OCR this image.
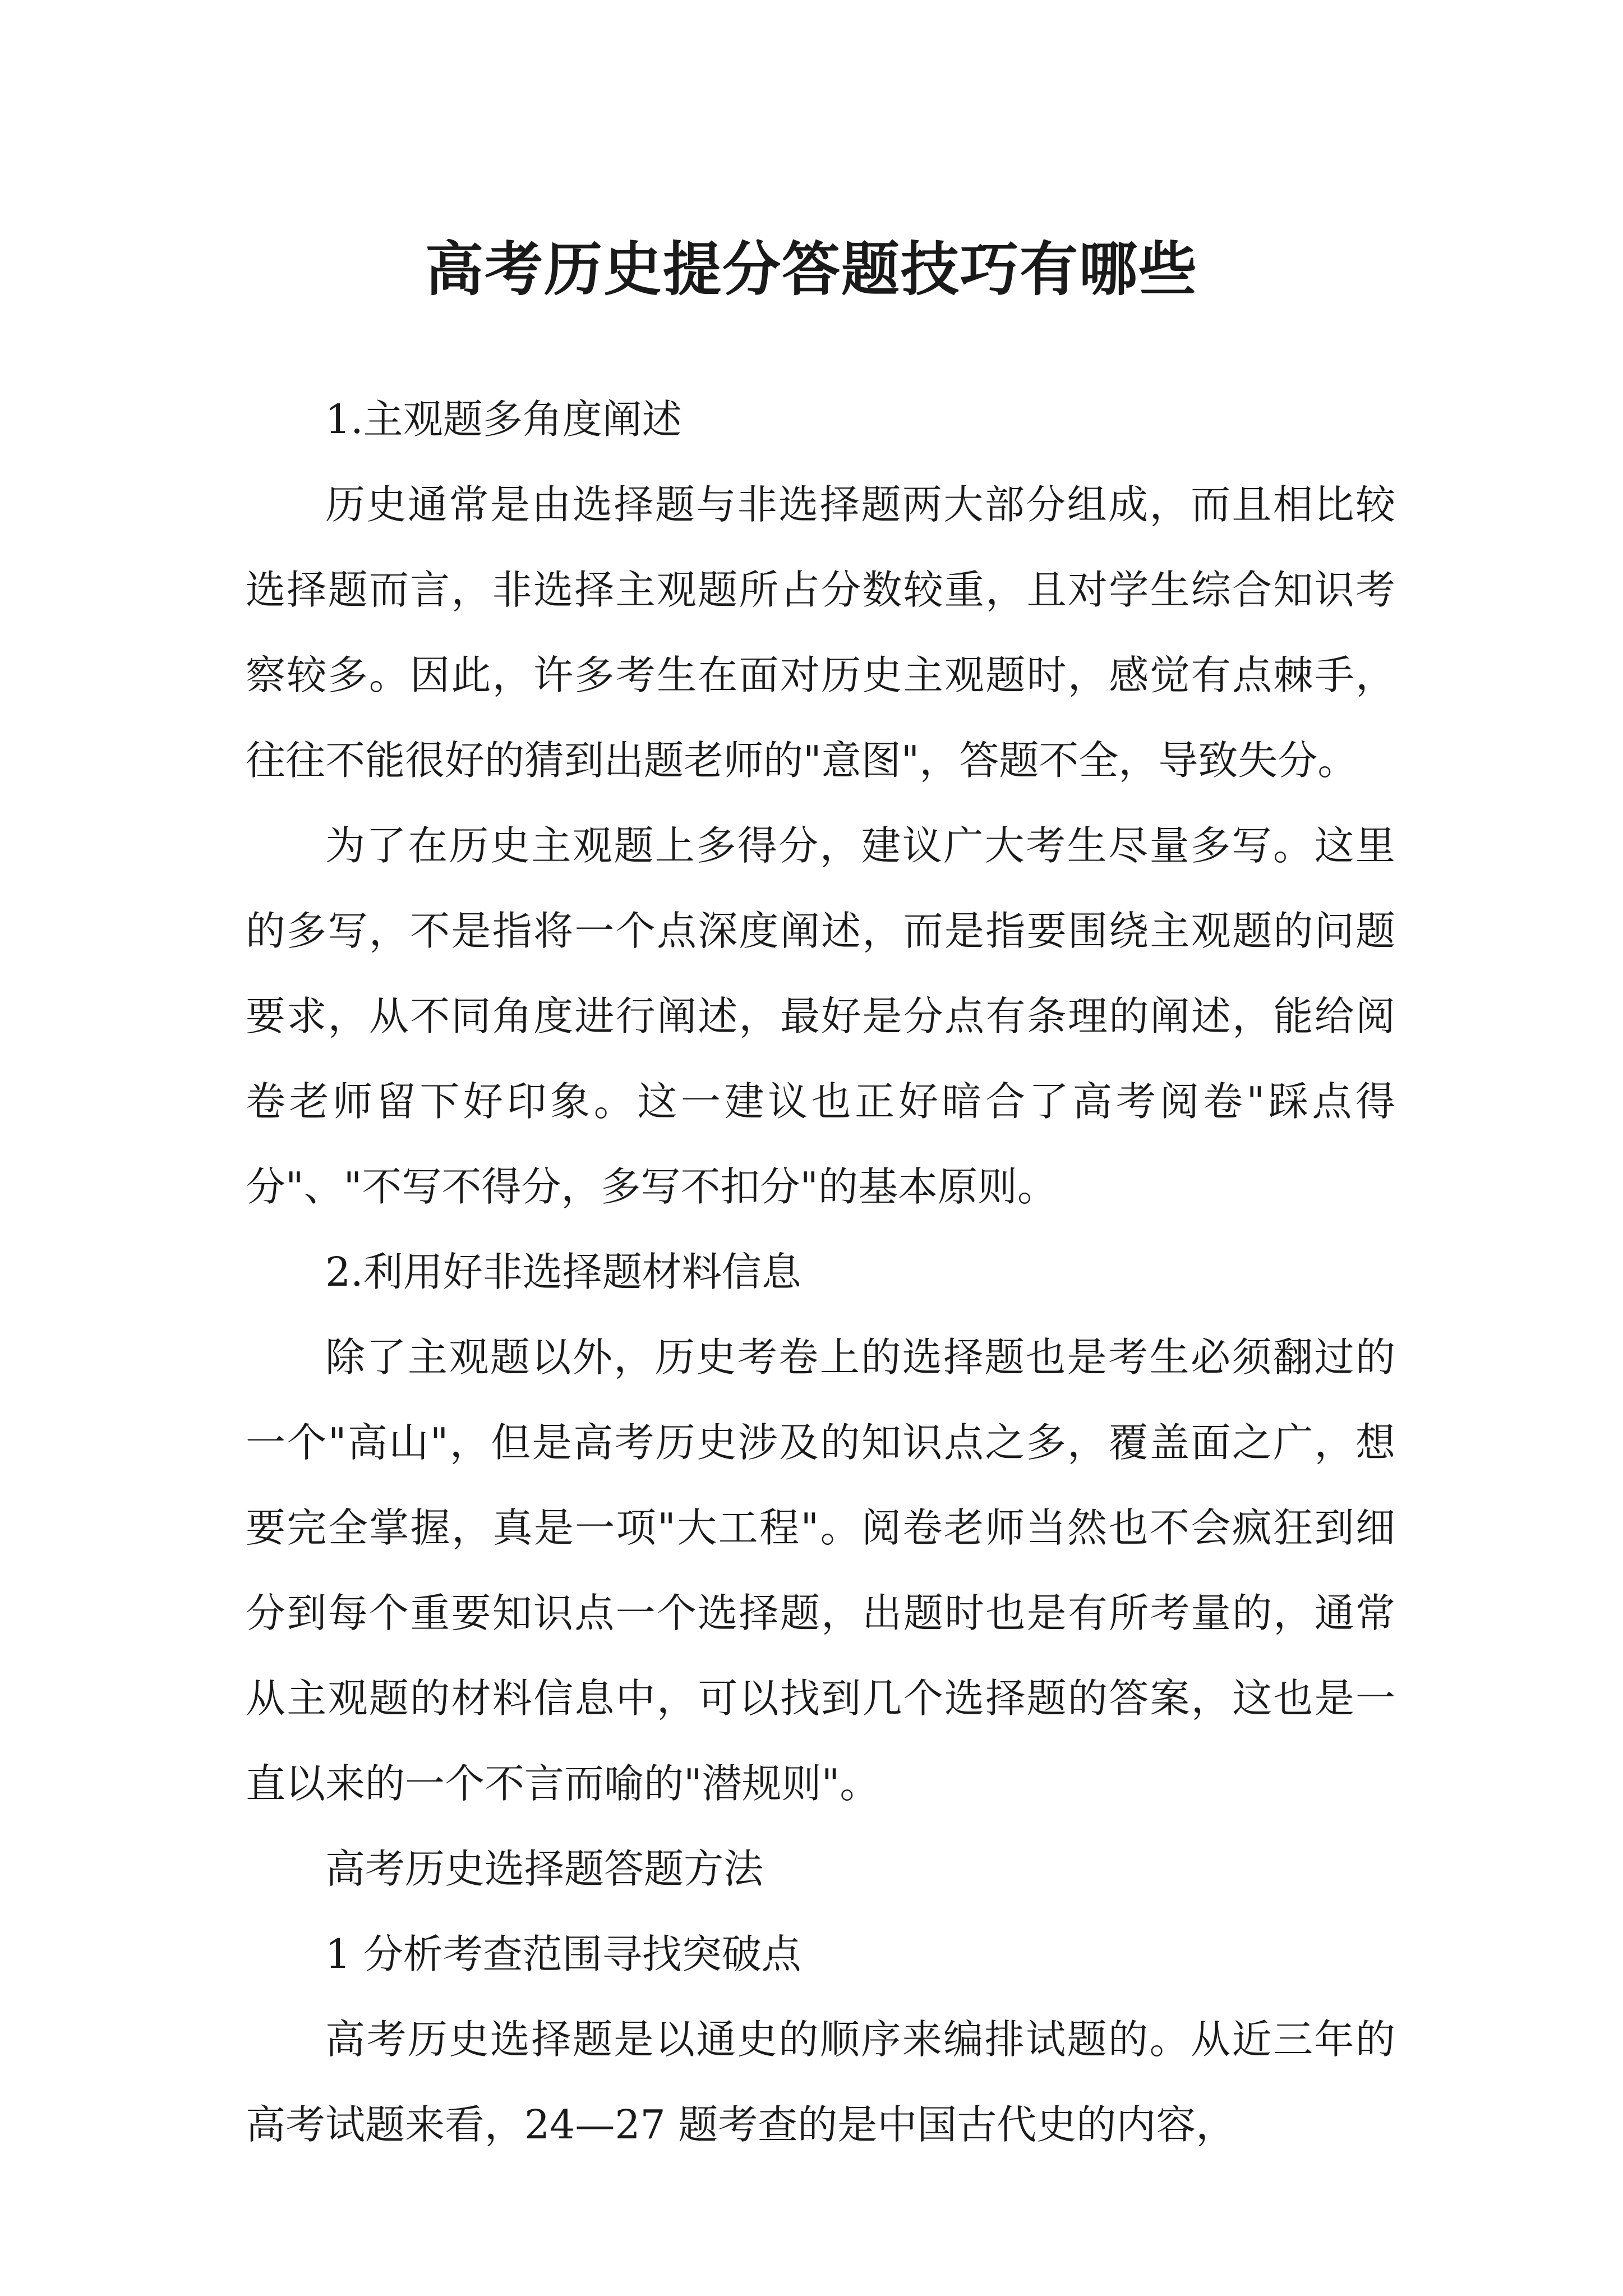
高考历史提分答题技巧有哪些

1.主观题多角度阐述

历史通常是由选择题与非选择题两大部分组成，而且相比较选择题而言，非选择主观题所占分数较重，且对学生综合知识考察较多。因此，许多考生在面对历史主观题时，感觉有点棘手，往往不能很好的猜到出题老师的"意图"，答题不全，导致失分。

为了在历史主观题上多得分，建议广大考生尽量多写。这里的多写，不是指将一个点深度阐述，而是指要围绕主观题的问题要求，从不同角度进行阐述，最好是分点有条理的阐述，能给阅卷老师留下好印象。这一建议也正好暗合了高考阅卷"踩点得分"、"不写不得分，多写不扣分"的基本原则。

2.利用好非选择题材料信息

除了主观题以外，历史考卷上的选择题也是考生必须翻过的一个"高山"，但是高考历史涉及的知识点之多，覆盖面之广，想要完全掌握，真是一项"大工程"。阅卷老师当然也不会疯狂到细分到每个重要知识点一个选择题，出题时也是有所考量的，通常从主观题的材料信息中，可以找到几个选择题的答案，这也是一直以来的一个不言而喻的"潜规则"。

高考历史选择题答题方法

1 分析考查范围寻找突破点

高考历史选择题是以通史的顺序来编排试题的。从近三年的高考试题来看，24—27 题考查的是中国古代史的内容，
